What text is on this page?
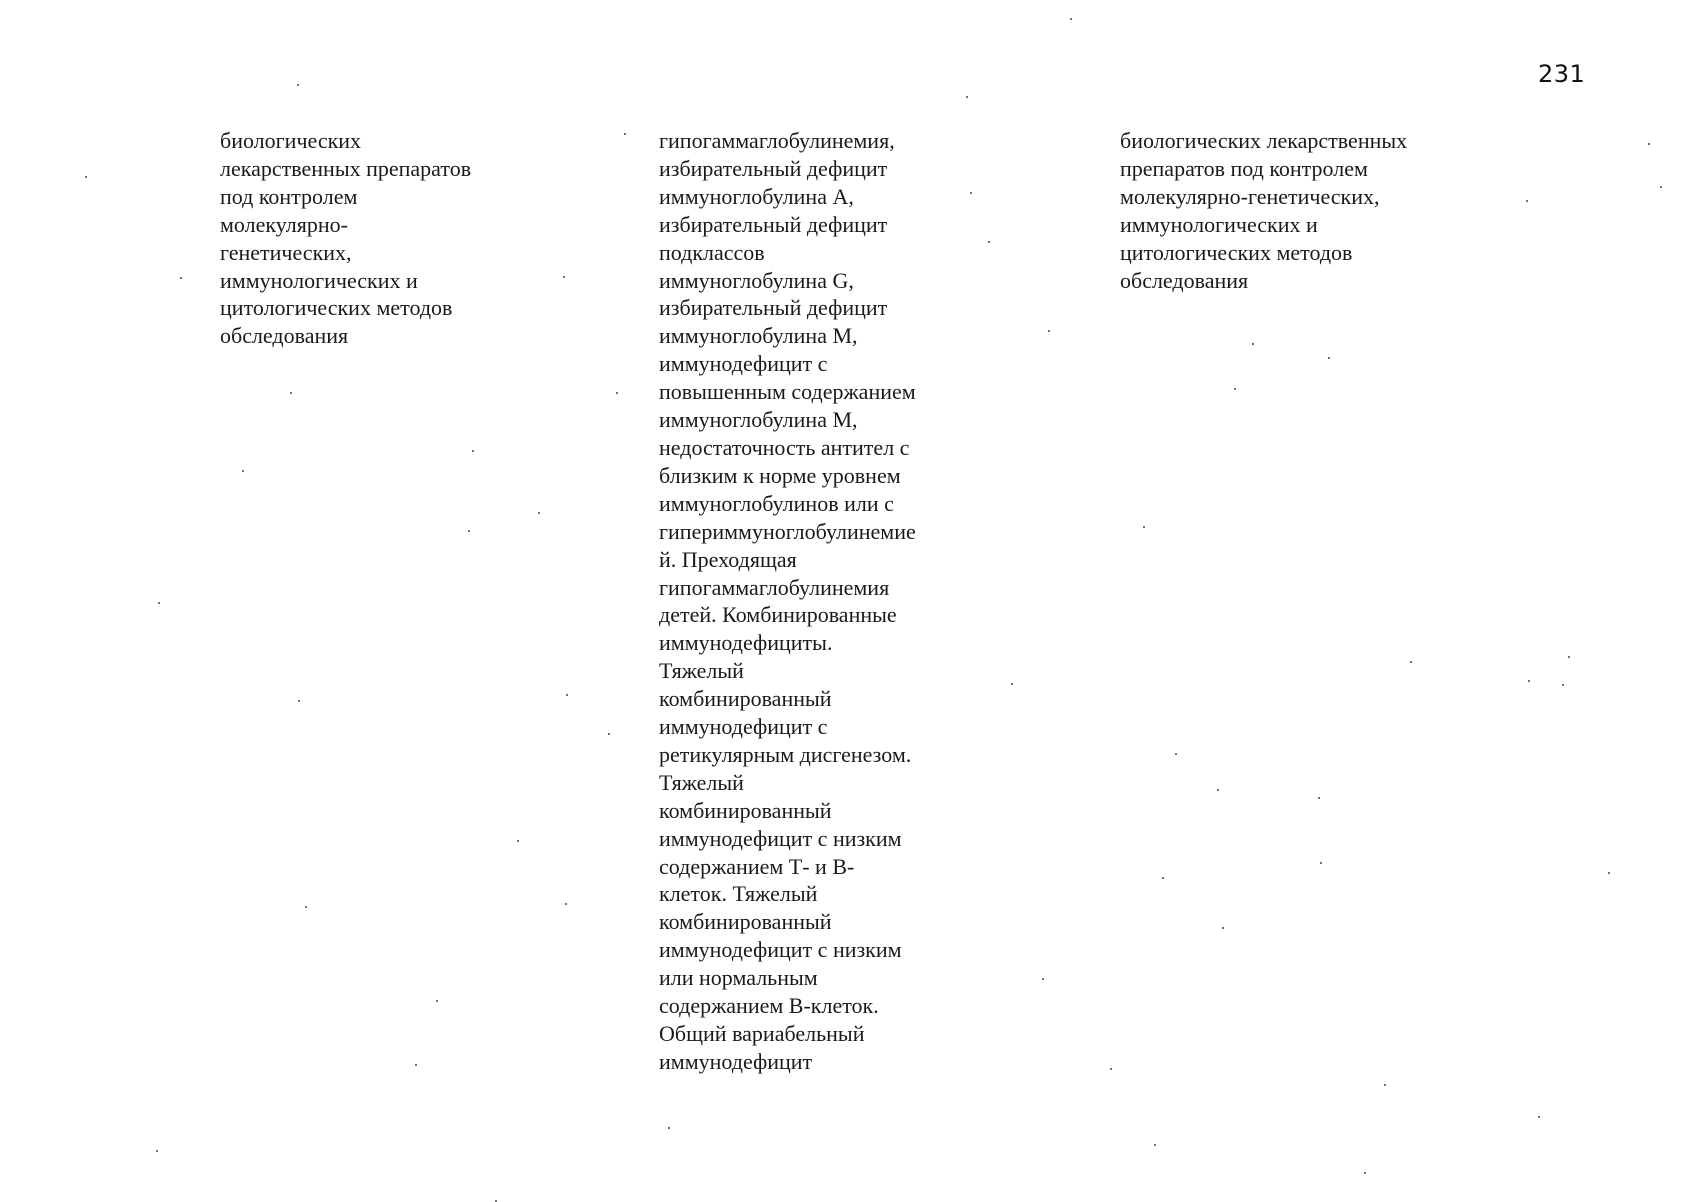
231
биологических
лекарственных препаратов
под контролем
молекулярно-
генетических,
иммунологических и
цитологических методов
обследования
гипогаммаглобулинемия,
избирательный дефицит
иммуноглобулина А,
избирательный дефицит
подклассов
иммуноглобулина G,
избирательный дефицит
иммуноглобулина М,
иммунодефицит с
повышенным содержанием
иммуноглобулина М,
недостаточность антител с
близким к норме уровнем
иммуноглобулинов или с
гипериммуноглобулинемие
й. Преходящая
гипогаммаглобулинемия
детей. Комбинированные
иммунодефициты.
Тяжелый
комбинированный
иммунодефицит с
ретикулярным дисгенезом.
Тяжелый
комбинированный
иммунодефицит с низким
содержанием Т- и В-
клеток. Тяжелый
комбинированный
иммунодефицит с низким
или нормальным
содержанием В-клеток.
Общий вариабельный
иммунодефицит
биологических лекарственных
препаратов под контролем
молекулярно-генетических,
иммунологических и
цитологических методов
обследования
